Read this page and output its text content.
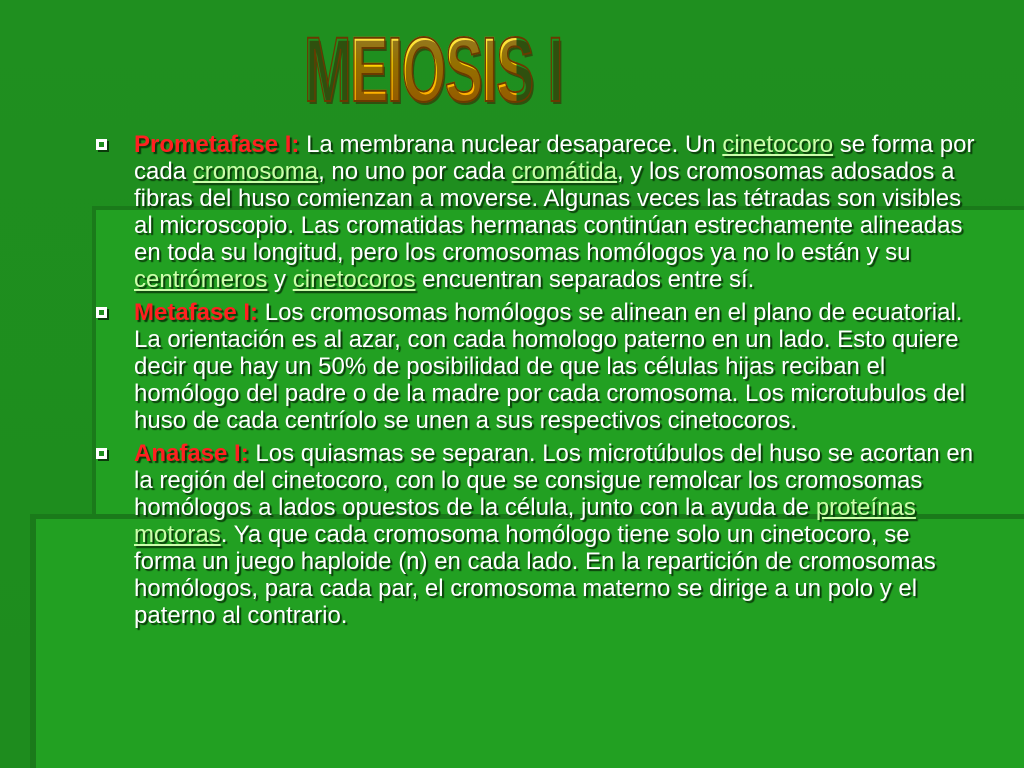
MEIOSIS I
Prometafase I: La membrana nuclear desaparece. Un cinetocoro se forma por cada cromosoma, no uno por cada cromátida, y los cromosomas adosados a fibras del huso comienzan a moverse. Algunas veces las tétradas son visibles al microscopio. Las cromatidas hermanas continúan estrechamente alineadas en toda su longitud, pero los cromosomas homólogos ya no lo están y su centrómeros y cinetocoros encuentran separados entre sí.
Metafase I: Los cromosomas homólogos se alinean en el plano de ecuatorial. La orientación es al azar, con cada homologo paterno en un lado. Esto quiere decir que hay un 50% de posibilidad de que las células hijas reciban el homólogo del padre o de la madre por cada cromosoma. Los microtubulos del huso de cada centríolo se unen a sus respectivos cinetocoros.
Anafase I: Los quiasmas se separan. Los microtúbulos del huso se acortan en la región del cinetocoro, con lo que se consigue remolcar los cromosomas homólogos a lados opuestos de la célula, junto con la ayuda de proteínas motoras. Ya que cada cromosoma homólogo tiene solo un cinetocoro, se forma un juego haploide (n) en cada lado. En la repartición de cromosomas homólogos, para cada par, el cromosoma materno se dirige a un polo y el paterno al contrario.
